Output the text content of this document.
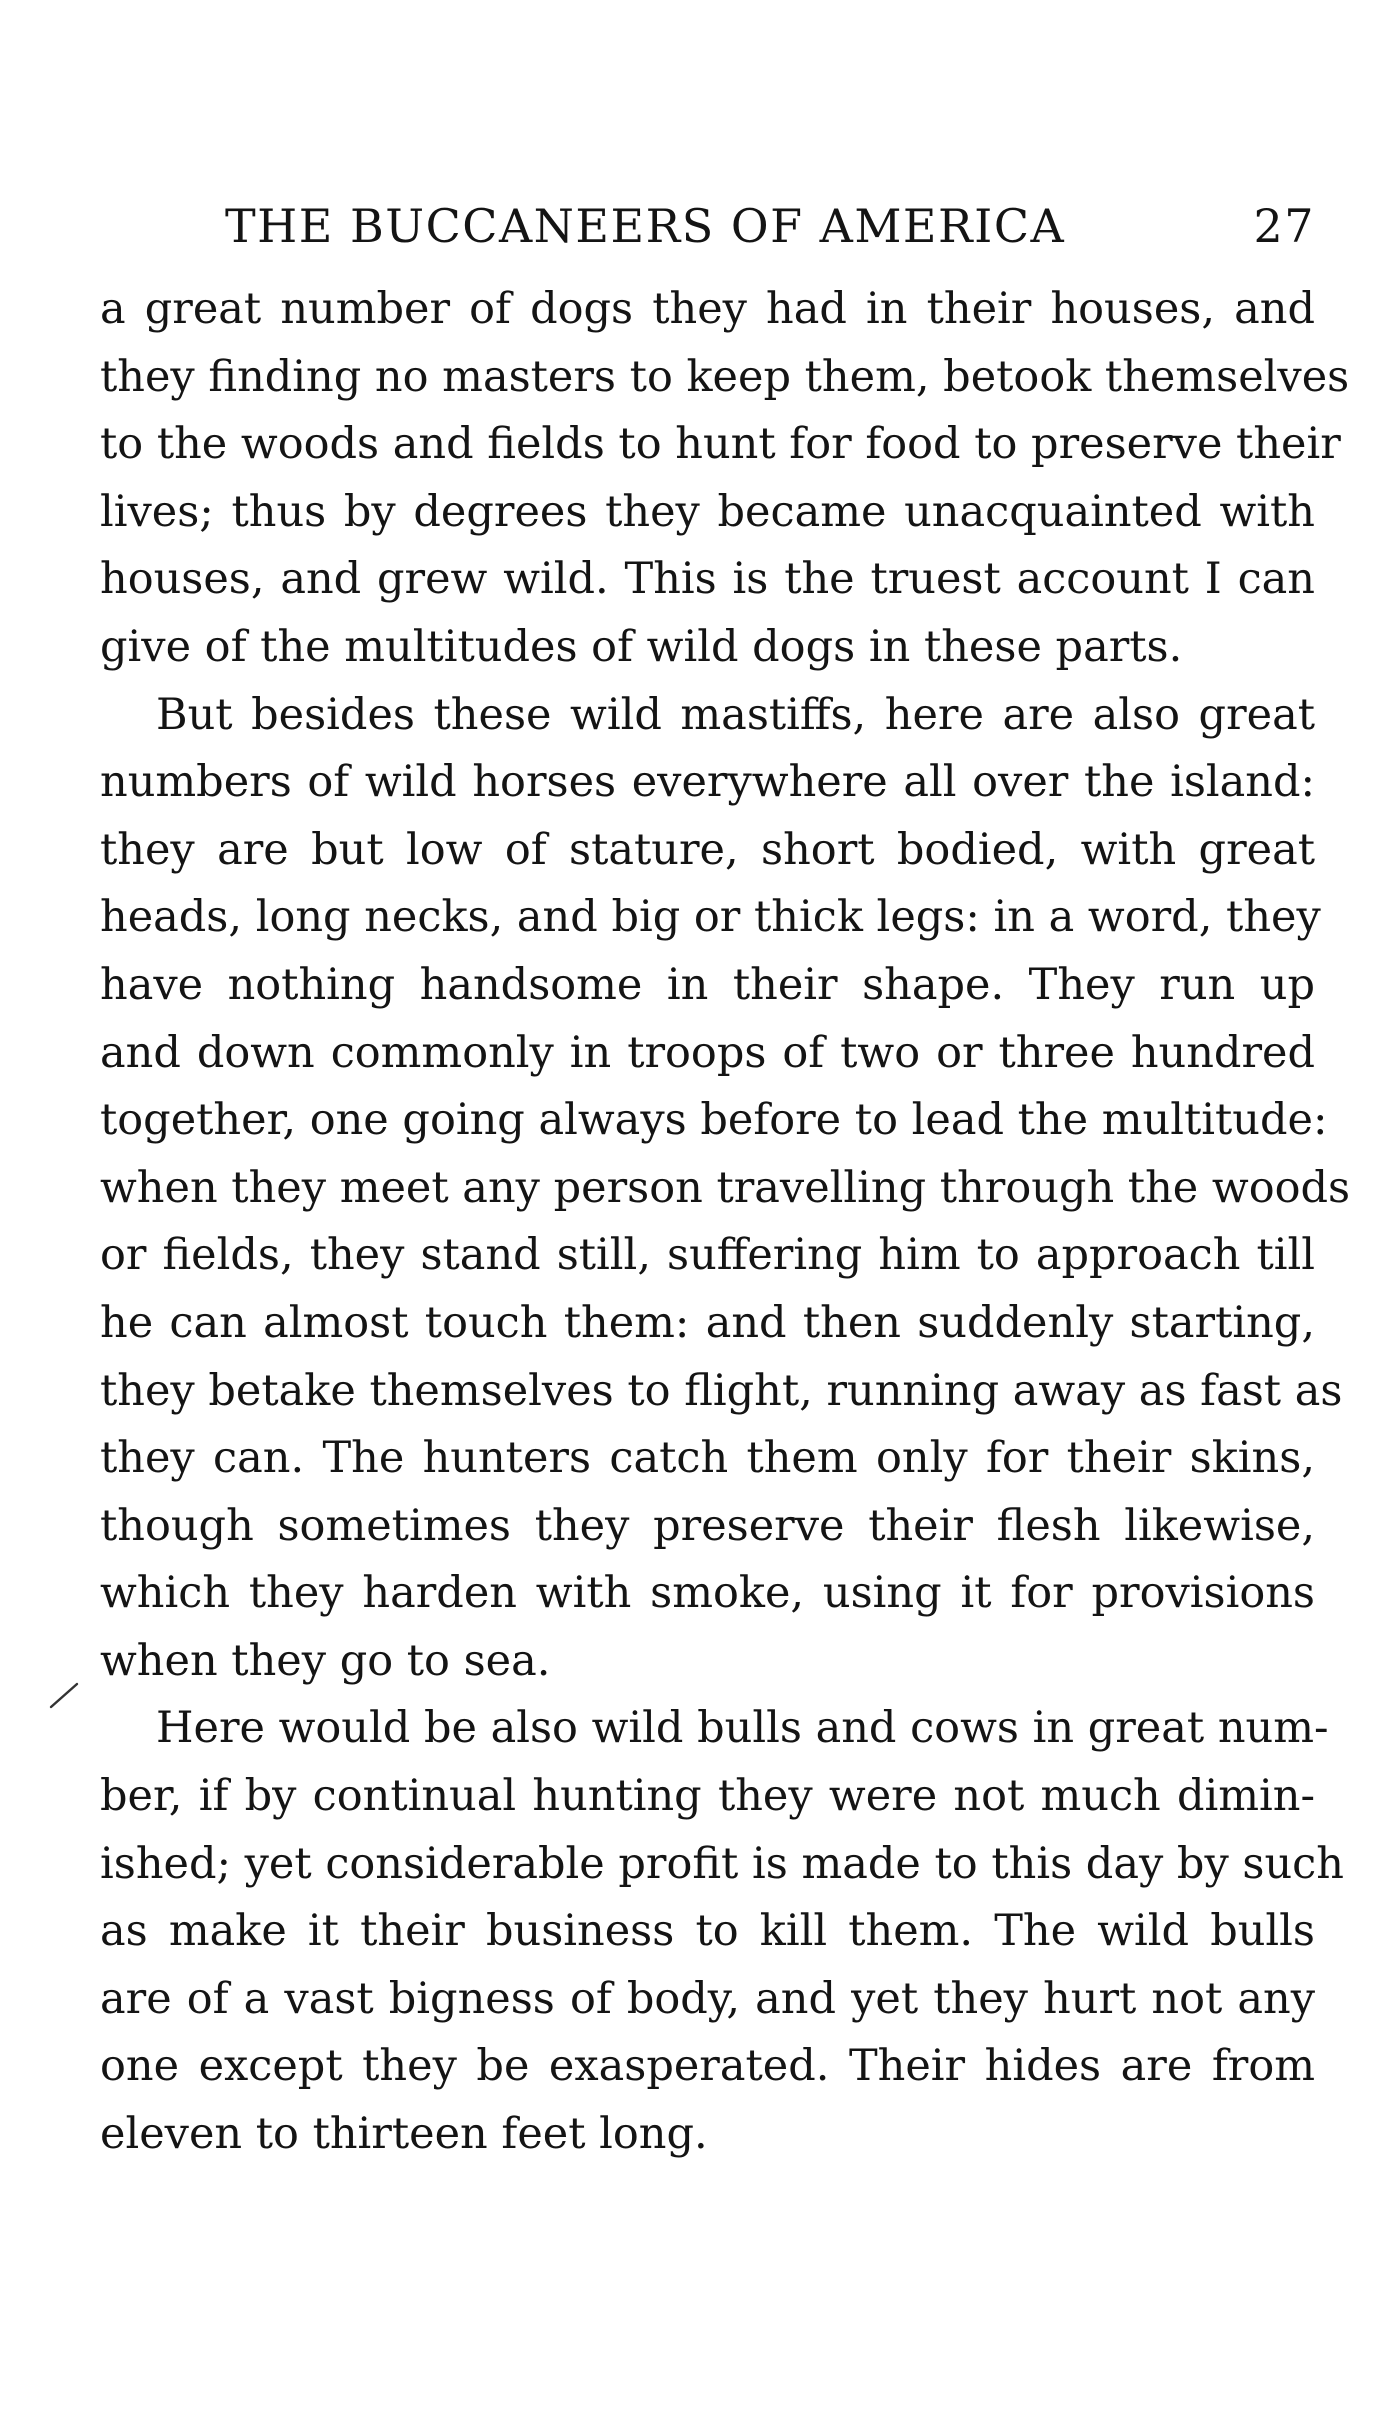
THE BUCCANEERS OF AMERICA	27
a great number of dogs they had in their houses, and
they finding no masters to keep them, betook themselves
to the woods and fields to hunt for food to preserve their
lives; thus by degrees they became unacquainted with
houses, and grew wild. This is the truest account I can
give of the multitudes of wild dogs in these parts.
But besides these wild mastiffs, here are also great
numbers of wild horses everywhere all over the island:
they are but low of stature, short bodied, with great
heads, long necks, and big or thick legs: in a word, they
have nothing handsome in their shape. They run up
and down commonly in troops of two or three hundred
together, one going always before to lead the multitude:
when they meet any person travelling through the woods
or fields, they stand still, suffering him to approach till
he can almost touch them: and then suddenly starting,
they betake themselves to flight, running away as fast as
they can. The hunters catch them only for their skins,
though sometimes they preserve their flesh likewise,
which they harden with smoke, using it for provisions
when they go to sea.
Here would be also wild bulls and cows in great num-
ber, if by continual hunting they were not much dimin-
ished; yet considerable profit is made to this day by such
as make it their business to kill them. The wild bulls
are of a vast bigness of body, and yet they hurt not any
one except they be exasperated. Their hides are from
eleven to thirteen feet long.
